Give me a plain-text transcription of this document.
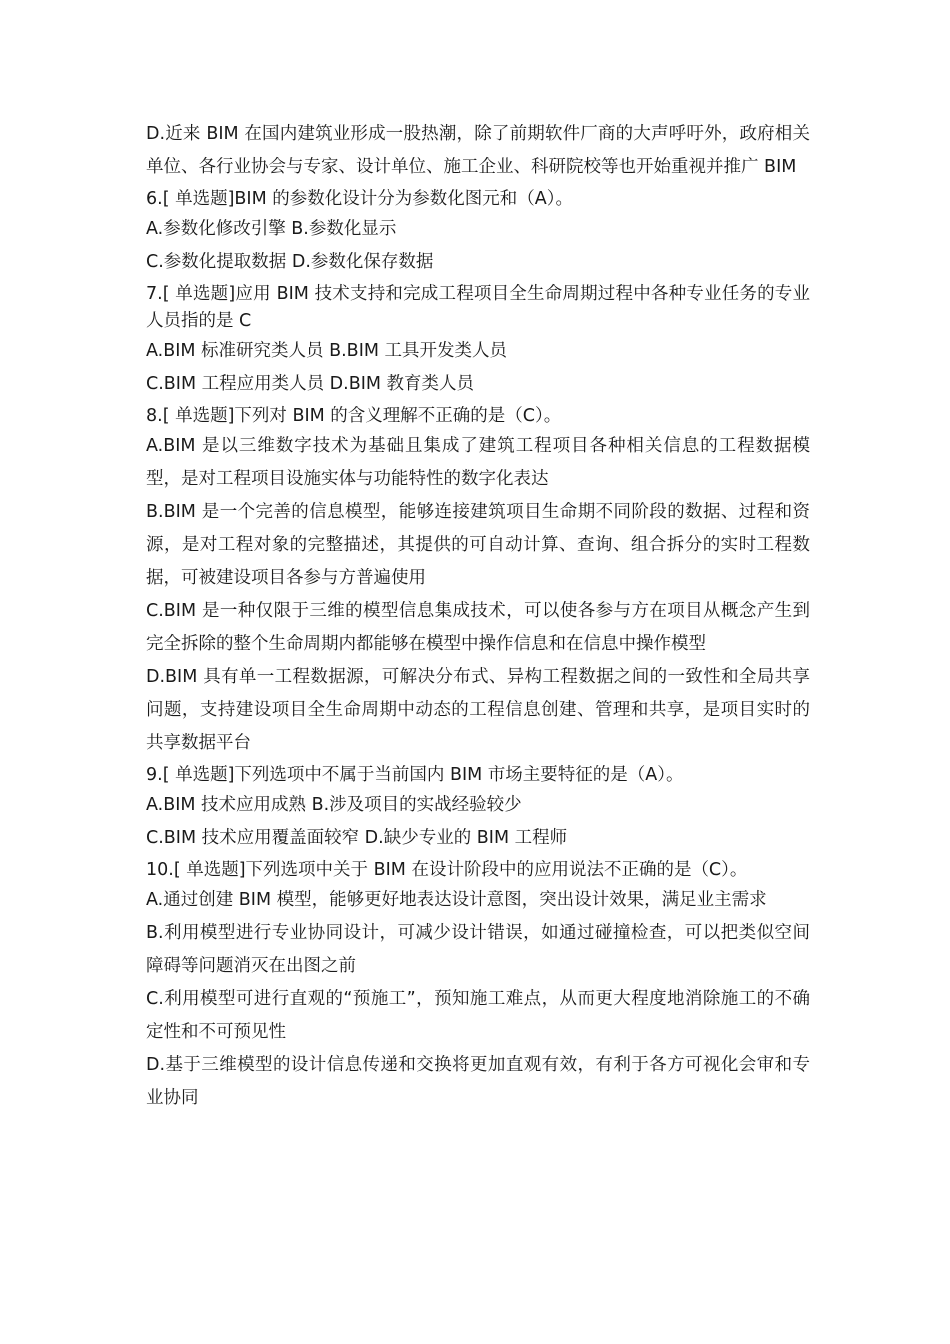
D.近来 BIM 在国内建筑业形成一股热潮，除了前期软件厂商的大声呼吁外，政府相关单位、各行业协会与专家、设计单位、施工企业、科研院校等也开始重视并推广 BIM

6.[ 单选题]BIM 的参数化设计分为参数化图元和（A）。

A.参数化修改引擎 B.参数化显示

C.参数化提取数据 D.参数化保存数据

7.[ 单选题]应用 BIM 技术支持和完成工程项目全生命周期过程中各种专业任务的专业人员指的是 C

A.BIM 标准研究类人员 B.BIM 工具开发类人员

C.BIM 工程应用类人员 D.BIM 教育类人员

8.[ 单选题]下列对 BIM 的含义理解不正确的是（C）。

A.BIM 是以三维数字技术为基础且集成了建筑工程项目各种相关信息的工程数据模型，是对工程项目设施实体与功能特性的数字化表达

B.BIM 是一个完善的信息模型，能够连接建筑项目生命期不同阶段的数据、过程和资源，是对工程对象的完整描述，其提供的可自动计算、查询、组合拆分的实时工程数据，可被建设项目各参与方普遍使用

C.BIM 是一种仅限于三维的模型信息集成技术，可以使各参与方在项目从概念产生到完全拆除的整个生命周期内都能够在模型中操作信息和在信息中操作模型

D.BIM 具有单一工程数据源，可解决分布式、异构工程数据之间的一致性和全局共享问题，支持建设项目全生命周期中动态的工程信息创建、管理和共享，是项目实时的共享数据平台

9.[ 单选题]下列选项中不属于当前国内 BIM 市场主要特征的是（A）。

A.BIM 技术应用成熟 B.涉及项目的实战经验较少

C.BIM 技术应用覆盖面较窄 D.缺少专业的 BIM 工程师

10.[ 单选题]下列选项中关于 BIM 在设计阶段中的应用说法不正确的是（C）。

A.通过创建 BIM 模型，能够更好地表达设计意图，突出设计效果，满足业主需求

B.利用模型进行专业协同设计，可减少设计错误，如通过碰撞检查，可以把类似空间障碍等问题消灭在出图之前

C.利用模型可进行直观的“预施工”，预知施工难点，从而更大程度地消除施工的不确定性和不可预见性

D.基于三维模型的设计信息传递和交换将更加直观有效，有利于各方可视化会审和专业协同
